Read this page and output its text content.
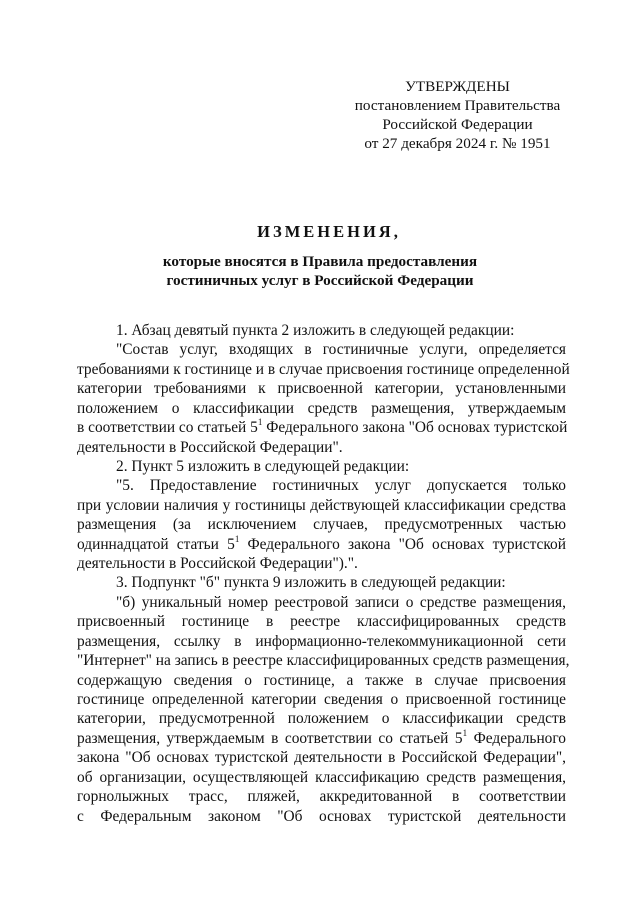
УТВЕРЖДЕНЫ
постановлением Правительства
Российской Федерации
от 27 декабря 2024 г. № 1951
ИЗМЕНЕНИЯ,
которые вносятся в Правила предоставления
гостиничных услуг в Российской Федерации
1. Абзац девятый пункта 2 изложить в следующей редакции:
"Состав услуг, входящих в гостиничные услуги, определяется
требованиями к гостинице и в случае присвоения гостинице определенной
категории требованиями к присвоенной категории, установленными
положением о классификации средств размещения, утверждаемым
в соответствии со статьей $5^1$ Федерального закона "Об основах туристской
деятельности в Российской Федерации".
2. Пункт 5 изложить в следующей редакции:
"5. Предоставление гостиничных услуг допускается только
при условии наличия у гостиницы действующей классификации средства
размещения (за исключением случаев, предусмотренных частью
одиннадцатой статьи $5^1$ Федерального закона "Об основах туристской
деятельности в Российской Федерации").".
3. Подпункт "б" пункта 9 изложить в следующей редакции:
"б) уникальный номер реестровой записи о средстве размещения,
присвоенный гостинице в реестре классифицированных средств
размещения, ссылку в информационно-телекоммуникационной сети
"Интернет" на запись в реестре классифицированных средств размещения,
содержащую сведения о гостинице, а также в случае присвоения
гостинице определенной категории сведения о присвоенной гостинице
категории, предусмотренной положением о классификации средств
размещения, утверждаемым в соответствии со статьей $5^1$ Федерального
закона "Об основах туристской деятельности в Российской Федерации",
об организации, осуществляющей классификацию средств размещения,
горнолыжных трасс, пляжей, аккредитованной в соответствии
с Федеральным законом "Об основах туристской деятельности
